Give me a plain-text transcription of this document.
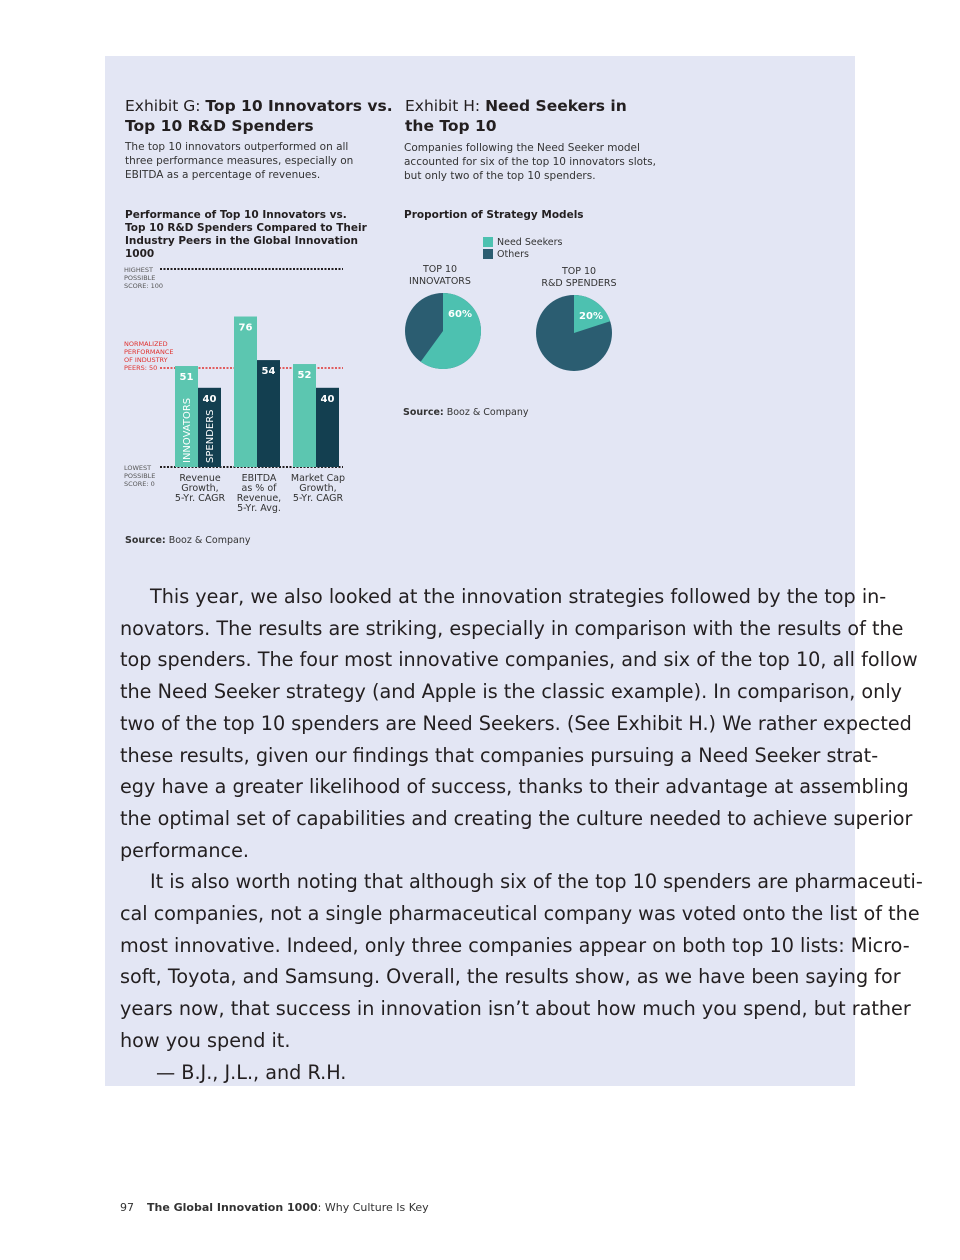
Exhibit G: Top 10 Innovators vs.
Top 10 R&D Spenders
The top 10 innovators outperformed on all
three performance measures, especially on
EBITDA as a percentage of revenues.
Performance of Top 10 Innovators vs.
Top 10 R&D Spenders Compared to Their
Industry Peers in the Global Innovation 1000
51
INNOVATORS
76
52
40
SPENDERS
54
40
HIGHEST
POSSIBLE
SCORE: 100
NORMALIZED
PERFORMANCE
OF INDUSTRY
PEERS: 50
LOWEST
POSSIBLE
SCORE: 0	Revenue
Growth,
5-Yr. CAGR
EBITDA
as % of
Revenue,
5-Yr. Avg.
Market Cap
Growth,
5-Yr. CAGR
Source: Booz & Company
Exhibit H: Need Seekers in
the Top 10
Companies following the Need Seeker model
accounted for six of the top 10 innovators slots,
but only two of the top 10 spenders.
Proportion of Strategy Models
Need Seekers
Others
TOP 10
INNOVATORS
TOP 10
R&D SPENDERS
60%	20%
Source: Booz & Company

This year, we also looked at the innovation strategies followed by the top in-
novators. The results are striking, especially in comparison with the results of the
top spenders. The four most innovative companies, and six of the top 10, all follow
the Need Seeker strategy (and Apple is the classic example). In comparison, only
two of the top 10 spenders are Need Seekers. (See Exhibit H.) We rather expected
these results, given our findings that companies pursuing a Need Seeker strat-
egy have a greater likelihood of success, thanks to their advantage at assembling
the optimal set of capabilities and creating the culture needed to achieve superior
performance.

It is also worth noting that although six of the top 10 spenders are pharmaceuti-
cal companies, not a single pharmaceutical company was voted onto the list of the
most innovative. Indeed, only three companies appear on both top 10 lists: Micro-
soft, Toyota, and Samsung. Overall, the results show, as we have been saying for
years now, that success in innovation isn’t about how much you spend, but rather
how you spend it.

— B.J., J.L., and R.H.

97 The Global Innovation 1000: Why Culture Is Key
